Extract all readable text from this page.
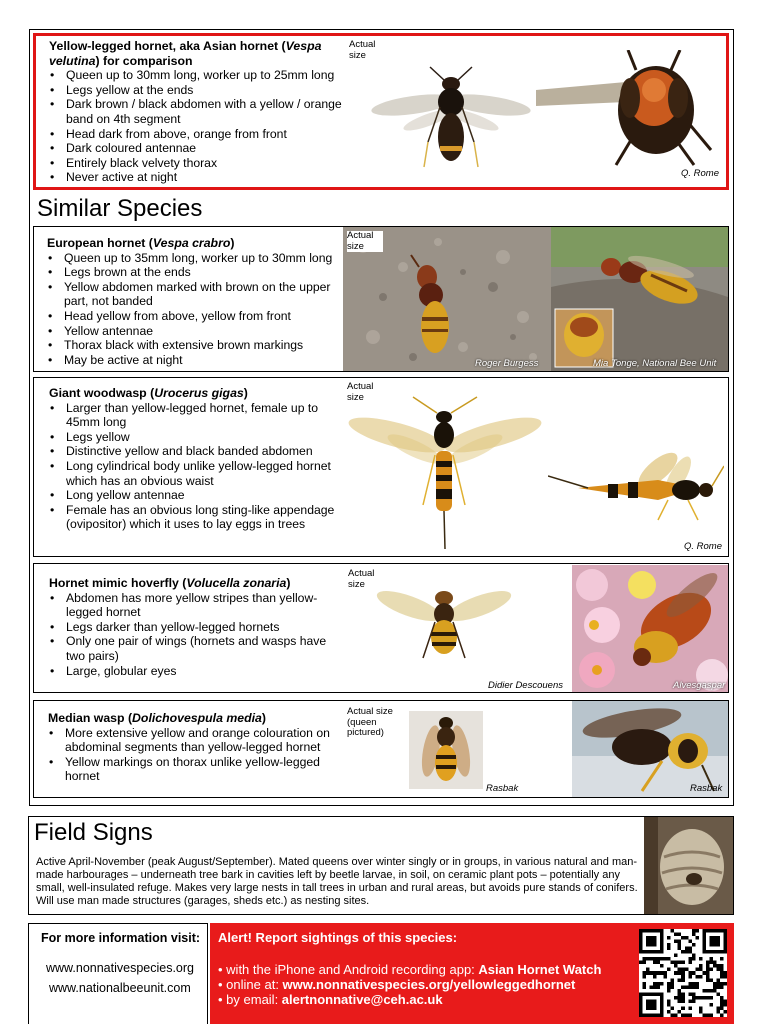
Yellow-legged hornet, aka Asian hornet (Vespa velutina) for comparison
• Queen up to 30mm long, worker up to 25mm long
• Legs yellow at the ends
• Dark brown / black abdomen with a yellow / orange band on 4th segment
• Head dark from above, orange from front
• Dark coloured antennae
• Entirely black velvety thorax
• Never active at night
Actual size
Q. Rome
Similar Species
European hornet (Vespa crabro)
• Queen up to 35mm long, worker up to 30mm long
• Legs brown at the ends
• Yellow abdomen marked with brown on the upper part, not banded
• Head yellow from above, yellow from front
• Yellow antennae
• Thorax black with extensive brown markings
• May be active at night	Roger Burgess	Mia Tonge, National Bee Unit
Actual size
Giant woodwasp (Urocerus gigas)
• Larger than yellow-legged hornet, female up to 45mm long
• Legs yellow
• Distinctive yellow and black banded abdomen
• Long cylindrical body unlike yellow-legged hornet which has an obvious waist
• Long yellow antennae
• Female has an obvious long sting-like appendage (ovipositor) which it uses to lay eggs in trees
Actual size
Q. Rome
Hornet mimic hoverfly (Volucella zonaria)
• Abdomen has more yellow stripes than yellow-legged hornet
• Legs darker than yellow-legged hornets
• Only one pair of wings (hornets and wasps have two pairs)
• Large, globular eyes
Actual size
Didier Descouens	Alvesgaspar
Median wasp (Dolichovespula media)
• More extensive yellow and orange colouration on abdominal segments than yellow-legged hornet
• Yellow markings on thorax unlike yellow-legged hornet
Actual size (queen pictured)
Rasbak	Rasbak
Field Signs
Active April-November (peak August/September). Mated queens over winter singly or in groups, in various natural and man-made harbourages – underneath tree bark in cavities left by beetle larvae, in soil, on ceramic plant pots – potentially any small, well-insulated refuge. Makes very large nests in tall trees in urban and rural areas, but avoids pure stands of conifers. Will use man made structures (garages, sheds etc.) as nesting sites.
For more information visit:
www.nonnativespecies.org
www.nationalbeeunit.com
Alert! Report sightings of this species:
• with the iPhone and Android recording app: Asian Hornet Watch
• online at: www.nonnativespecies.org/yellowleggedhornet
• by email: alertnonnative@ceh.ac.uk
